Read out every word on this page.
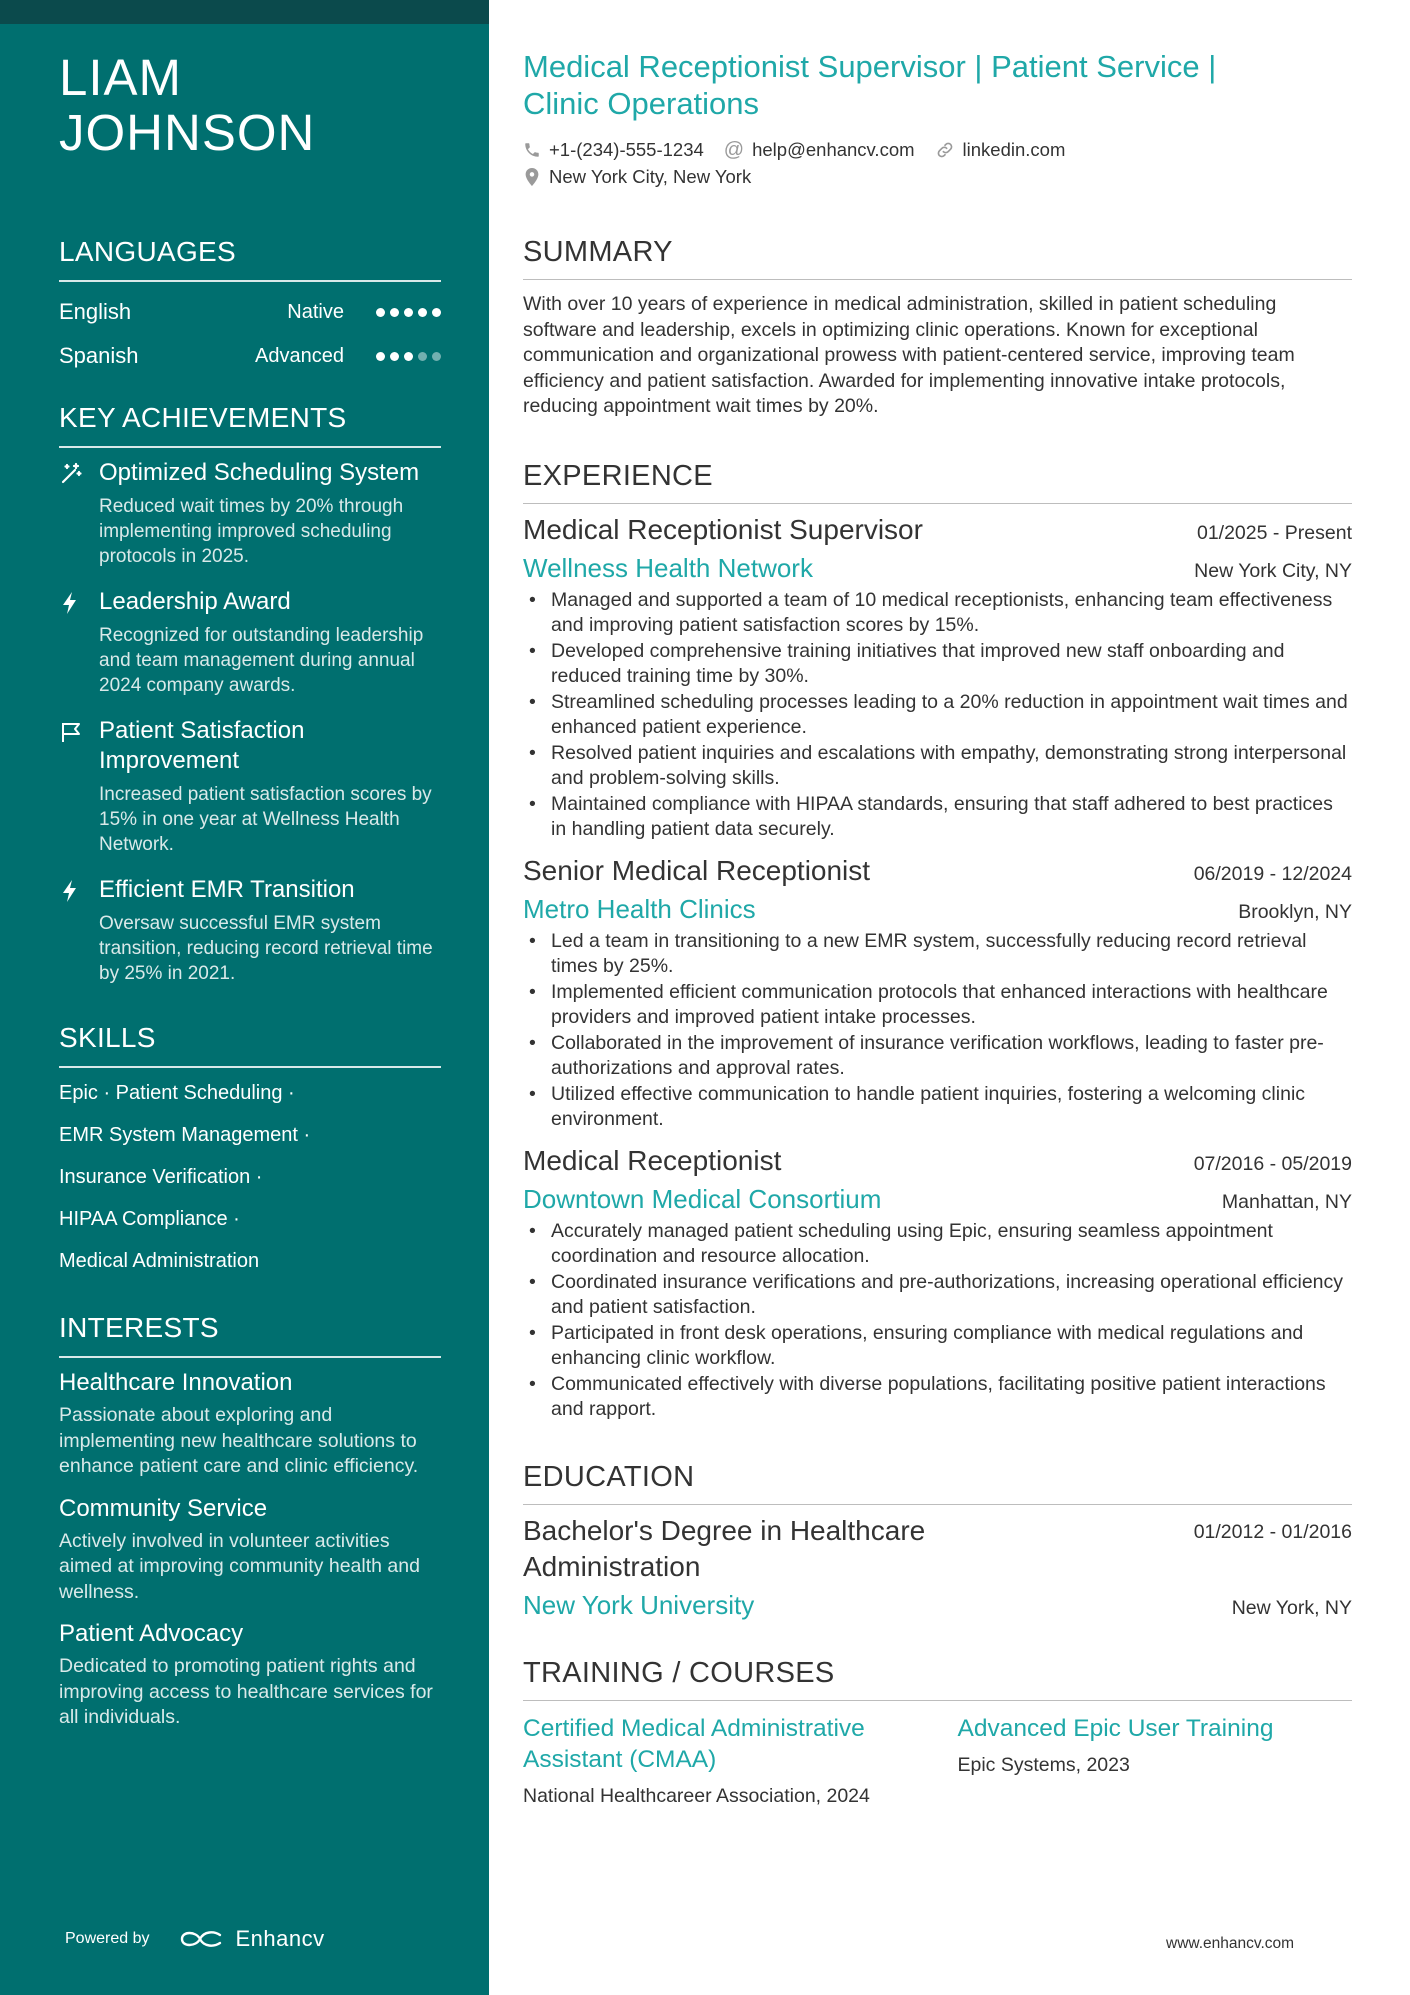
LIAM
JOHNSON
LANGUAGES
English	Native
Spanish	Advanced
KEY ACHIEVEMENTS
Optimized Scheduling System
Reduced wait times by 20% through implementing improved scheduling protocols in 2025.
Leadership Award
Recognized for outstanding leadership and team management during annual 2024 company awards.
Patient Satisfaction Improvement
Increased patient satisfaction scores by 15% in one year at Wellness Health Network.
Efficient EMR Transition
Oversaw successful EMR system transition, reducing record retrieval time by 25% in 2021.
SKILLS
Epic · Patient Scheduling ·
EMR System Management ·
Insurance Verification ·
HIPAA Compliance ·
Medical Administration
INTERESTS
Healthcare Innovation
Passionate about exploring and implementing new healthcare solutions to enhance patient care and clinic efficiency.
Community Service
Actively involved in volunteer activities aimed at improving community health and wellness.
Patient Advocacy
Dedicated to promoting patient rights and improving access to healthcare services for all individuals.
Powered by	Enhancv
Medical Receptionist Supervisor | Patient Service |
Clinic Operations
+1-(234)-555-1234 @ help@enhancv.com	linkedin.com
New York City, New York
SUMMARY
With over 10 years of experience in medical administration, skilled in patient scheduling software and leadership, excels in optimizing clinic operations. Known for exceptional communication and organizational prowess with patient-centered service, improving team efficiency and patient satisfaction. Awarded for implementing innovative intake protocols, reducing appointment wait times by 20%.
EXPERIENCE
Medical Receptionist Supervisor	01/2025 - Present
Wellness Health Network	New York City, NY
• Managed and supported a team of 10 medical receptionists, enhancing team effectiveness and improving patient satisfaction scores by 15%.
• Developed comprehensive training initiatives that improved new staff onboarding and reduced training time by 30%.
• Streamlined scheduling processes leading to a 20% reduction in appointment wait times and enhanced patient experience.
• Resolved patient inquiries and escalations with empathy, demonstrating strong interpersonal and problem-solving skills.
• Maintained compliance with HIPAA standards, ensuring that staff adhered to best practices in handling patient data securely.
Senior Medical Receptionist	06/2019 - 12/2024
Metro Health Clinics	Brooklyn, NY
• Led a team in transitioning to a new EMR system, successfully reducing record retrieval times by 25%.
• Implemented efficient communication protocols that enhanced interactions with healthcare providers and improved patient intake processes.
• Collaborated in the improvement of insurance verification workflows, leading to faster pre-authorizations and approval rates.
• Utilized effective communication to handle patient inquiries, fostering a welcoming clinic environment.
Medical Receptionist	07/2016 - 05/2019
Downtown Medical Consortium	Manhattan, NY
• Accurately managed patient scheduling using Epic, ensuring seamless appointment coordination and resource allocation.
• Coordinated insurance verifications and pre-authorizations, increasing operational efficiency and patient satisfaction.
• Participated in front desk operations, ensuring compliance with medical regulations and enhancing clinic workflow.
• Communicated effectively with diverse populations, facilitating positive patient interactions and rapport.
EDUCATION
Bachelor's Degree in Healthcare
Administration
01/2012 - 01/2016
New York University	New York, NY
TRAINING / COURSES
Certified Medical Administrative Assistant (CMAA)
National Healthcareer Association, 2024
Advanced Epic User Training
Epic Systems, 2023
www.enhancv.com
